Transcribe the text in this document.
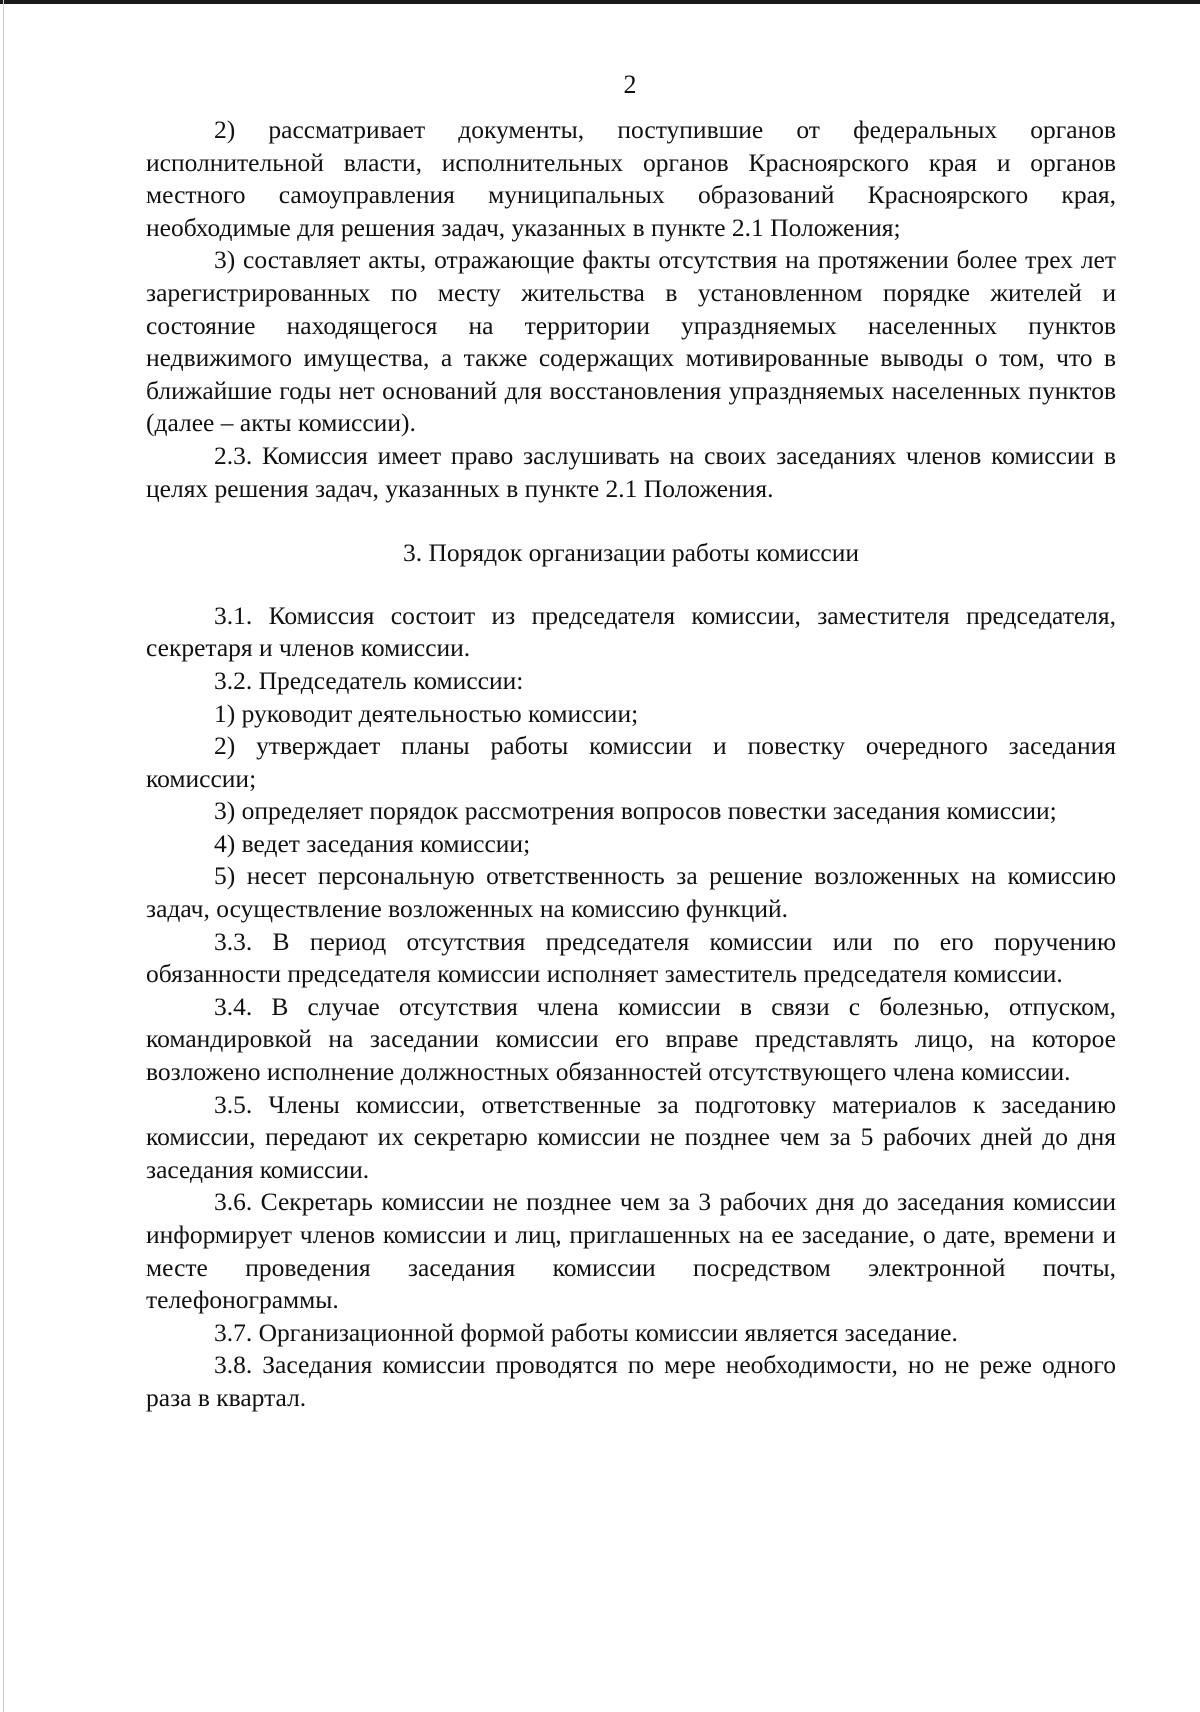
2

2) рассматривает документы, поступившие от федеральных органов исполнительной власти, исполнительных органов Красноярского края и органов местного самоуправления муниципальных образований Красноярского края, необходимые для решения задач, указанных в пункте 2.1 Положения;

3) составляет акты, отражающие факты отсутствия на протяжении более трех лет зарегистрированных по месту жительства в установленном порядке жителей и состояние находящегося на территории упраздняемых населенных пунктов недвижимого имущества, а также содержащих мотивированные выводы о том, что в ближайшие годы нет оснований для восстановления упраздняемых населенных пунктов (далее – акты комиссии).

2.3. Комиссия имеет право заслушивать на своих заседаниях членов комиссии в целях решения задач, указанных в пункте 2.1 Положения.

3. Порядок организации работы комиссии

3.1. Комиссия состоит из председателя комиссии, заместителя председателя, секретаря и членов комиссии.

3.2. Председатель комиссии:

1) руководит деятельностью комиссии;

2) утверждает планы работы комиссии и повестку очередного заседания комиссии;

3) определяет порядок рассмотрения вопросов повестки заседания комиссии;

4) ведет заседания комиссии;

5) несет персональную ответственность за решение возложенных на комиссию задач, осуществление возложенных на комиссию функций.

3.3. В период отсутствия председателя комиссии или по его поручению обязанности председателя комиссии исполняет заместитель председателя комиссии.

3.4. В случае отсутствия члена комиссии в связи с болезнью, отпуском, командировкой на заседании комиссии его вправе представлять лицо, на которое возложено исполнение должностных обязанностей отсутствующего члена комиссии.

3.5. Члены комиссии, ответственные за подготовку материалов к заседанию комиссии, передают их секретарю комиссии не позднее чем за 5 рабочих дней до дня заседания комиссии.

3.6. Секретарь комиссии не позднее чем за 3 рабочих дня до заседания комиссии информирует членов комиссии и лиц, приглашенных на ее заседание, о дате, времени и месте проведения заседания комиссии посредством электронной почты, телефонограммы.

3.7. Организационной формой работы комиссии является заседание.

3.8. Заседания комиссии проводятся по мере необходимости, но не реже одного раза в квартал.
